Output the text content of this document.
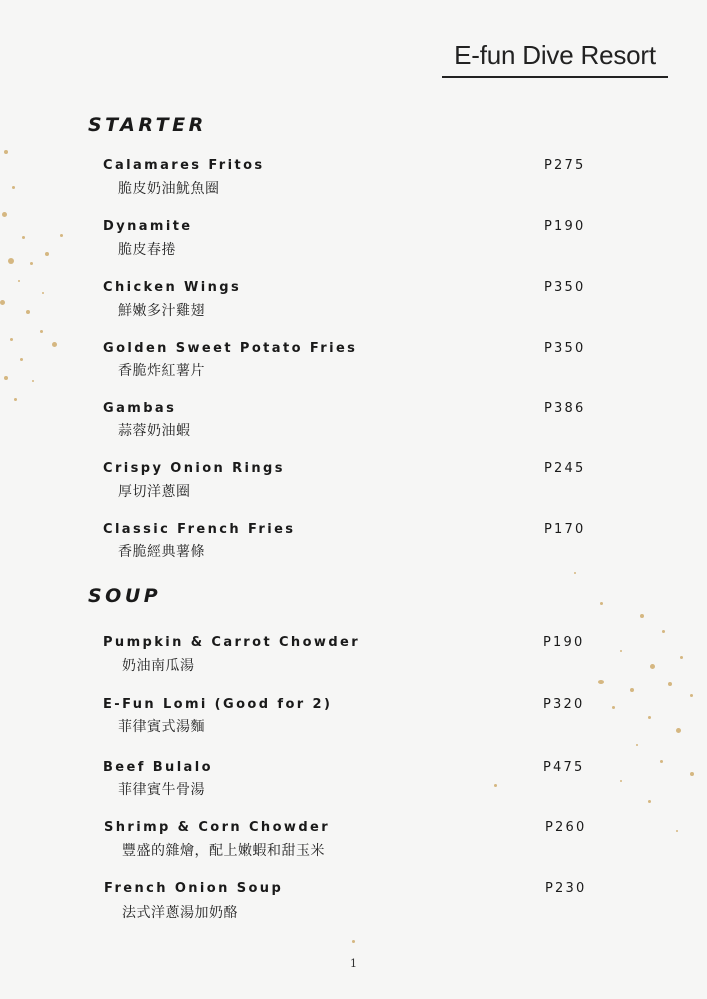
E-fun Dive Resort
STARTER
Calamares Fritos
脆皮奶油魷魚圈
P275
Dynamite
脆皮春捲
P190
Chicken Wings
鮮嫩多汁雞翅
P350
Golden Sweet Potato Fries
香脆炸紅薯片
P350
Gambas
蒜蓉奶油蝦
P386
Crispy Onion Rings
厚切洋蔥圈
P245
Classic French Fries
香脆經典薯條
P170
SOUP
Pumpkin & Carrot Chowder
奶油南瓜湯
P190
E-Fun Lomi (Good for 2)
菲律賓式湯麵
P320
Beef Bulalo
菲律賓牛骨湯
P475
Shrimp & Corn Chowder
豐盛的雜燴，配上嫩蝦和甜玉米
P260
French Onion Soup
法式洋蔥湯加奶酪
P230
1
